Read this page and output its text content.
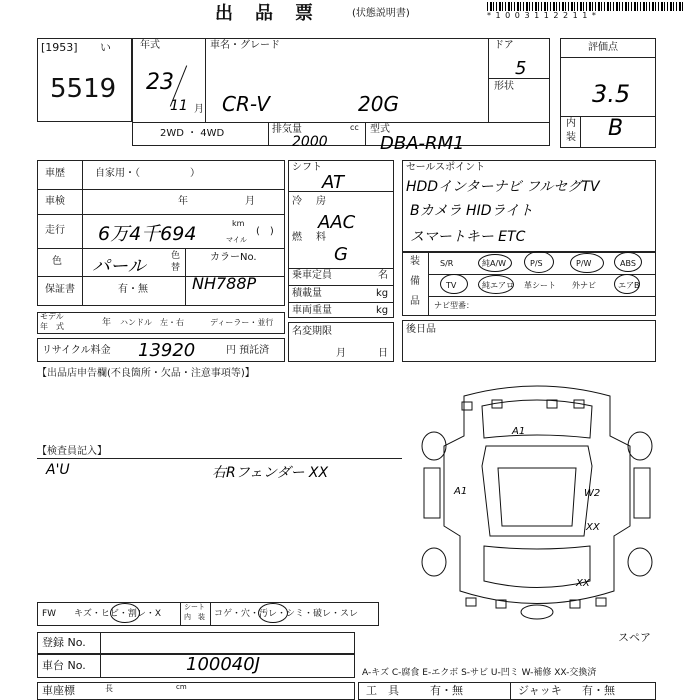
出　品　票	(状態説明書)	* 1 0 0 3 1 1 2 2 1 1 *
[1953] い
5519
年式
23
11 月
車名・グレード
CR-V	20G
ドア
5
形状
2WD ・ 4WD	排気量	cc
2000
型式
DBA-RM1
評価点
3.5
内
装 B
車歴	自家用・（　　　　　）
車検	年	月
走行 6万4千694	km
マイル
(　)
色 パール	色
替
カラーNo.
NH788P
保証書	有・無
モデル
年　式	年 ハンドル　左・右	ディーラー・並行
リサイクル料金 13920	円 預託済
シフト
AT
冷 房
AAC
燃 料
G
乗車定員	名
積載量	kg
車両重量	kg
名変期限
月	日
セールスポイント
HDDインターナビ フルセグTV
Bカメラ HIDライト
スマートキー ETC
装
備
品
S/R	純A/W	P/S	P/W	ABS
TV	純エアロ 革シート 外ナビ	エアB
ナビ型番：
後日品
【出品店申告欄(不良箇所・欠品・注意事項等)】
【検査員記入】
A'U	右Rフェンダー XX
A1
A1	W2
XX
XX
FW キズ・ヒビ・割レ・X
シート
内　装 コゲ・穴・汚レ・シミ・破レ・スレ
登録 No.
車台 No.	100040J
車座標	長	cm
スペア
A-キズ C-腐食 E-エクボ S-サビ U-凹ミ W-補修 XX-交換済
工　具	有・無	ジャッキ 有・無
